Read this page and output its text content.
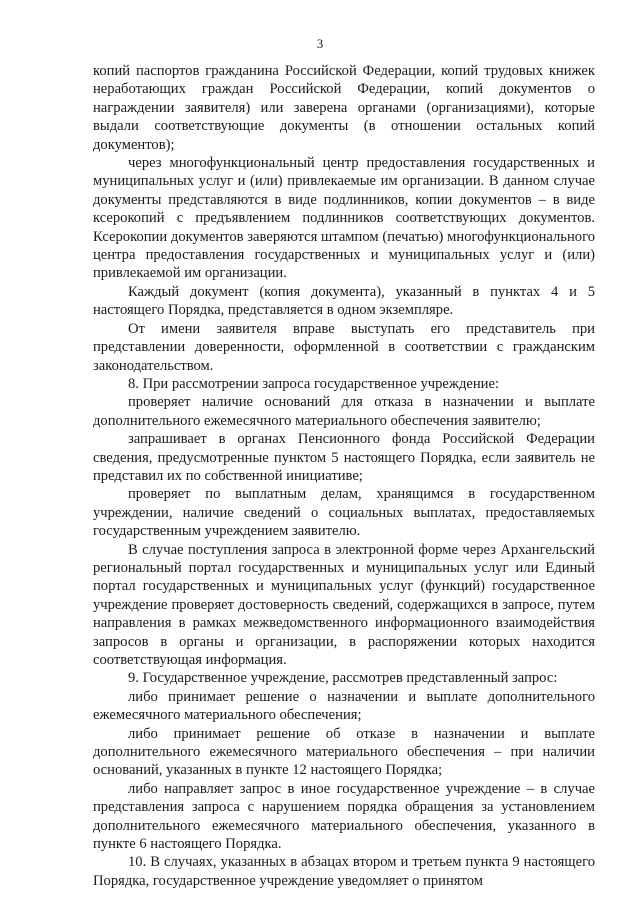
3

копий паспортов гражданина Российской Федерации, копий трудовых книжек неработающих граждан Российской Федерации, копий документов о награждении заявителя) или заверена органами (организациями), которые выдали соответствующие документы (в отношении остальных копий документов);

через многофункциональный центр предоставления государственных и муниципальных услуг и (или) привлекаемые им организации. В данном случае документы представляются в виде подлинников, копии документов – в виде ксерокопий с предъявлением подлинников соответствующих документов. Ксерокопии документов заверяются штампом (печатью) многофункционального центра предоставления государственных и муниципальных услуг и (или) привлекаемой им организации.

Каждый документ (копия документа), указанный в пунктах 4 и 5 настоящего Порядка, представляется в одном экземпляре.

От имени заявителя вправе выступать его представитель при представлении доверенности, оформленной в соответствии с гражданским законодательством.

8. При рассмотрении запроса государственное учреждение:

проверяет наличие оснований для отказа в назначении и выплате дополнительного ежемесячного материального обеспечения заявителю;

запрашивает в органах Пенсионного фонда Российской Федерации сведения, предусмотренные пунктом 5 настоящего Порядка, если заявитель не представил их по собственной инициативе;

проверяет по выплатным делам, хранящимся в государственном учреждении, наличие сведений о социальных выплатах, предоставляемых государственным учреждением заявителю.

В случае поступления запроса в электронной форме через Архангельский региональный портал государственных и муниципальных услуг или Единый портал государственных и муниципальных услуг (функций) государственное учреждение проверяет достоверность сведений, содержащихся в запросе, путем направления в рамках межведомственного информационного взаимодействия запросов в органы и организации, в распоряжении которых находится соответствующая информация.

9. Государственное учреждение, рассмотрев представленный запрос:

либо принимает решение о назначении и выплате дополнительного ежемесячного материального обеспечения;

либо принимает решение об отказе в назначении и выплате дополнительного ежемесячного материального обеспечения – при наличии оснований, указанных в пункте 12 настоящего Порядка;

либо направляет запрос в иное государственное учреждение – в случае представления запроса с нарушением порядка обращения за установлением дополнительного ежемесячного материального обеспечения, указанного в пункте 6 настоящего Порядка.

10. В случаях, указанных в абзацах втором и третьем пункта 9 настоящего Порядка, государственное учреждение уведомляет о принятом
